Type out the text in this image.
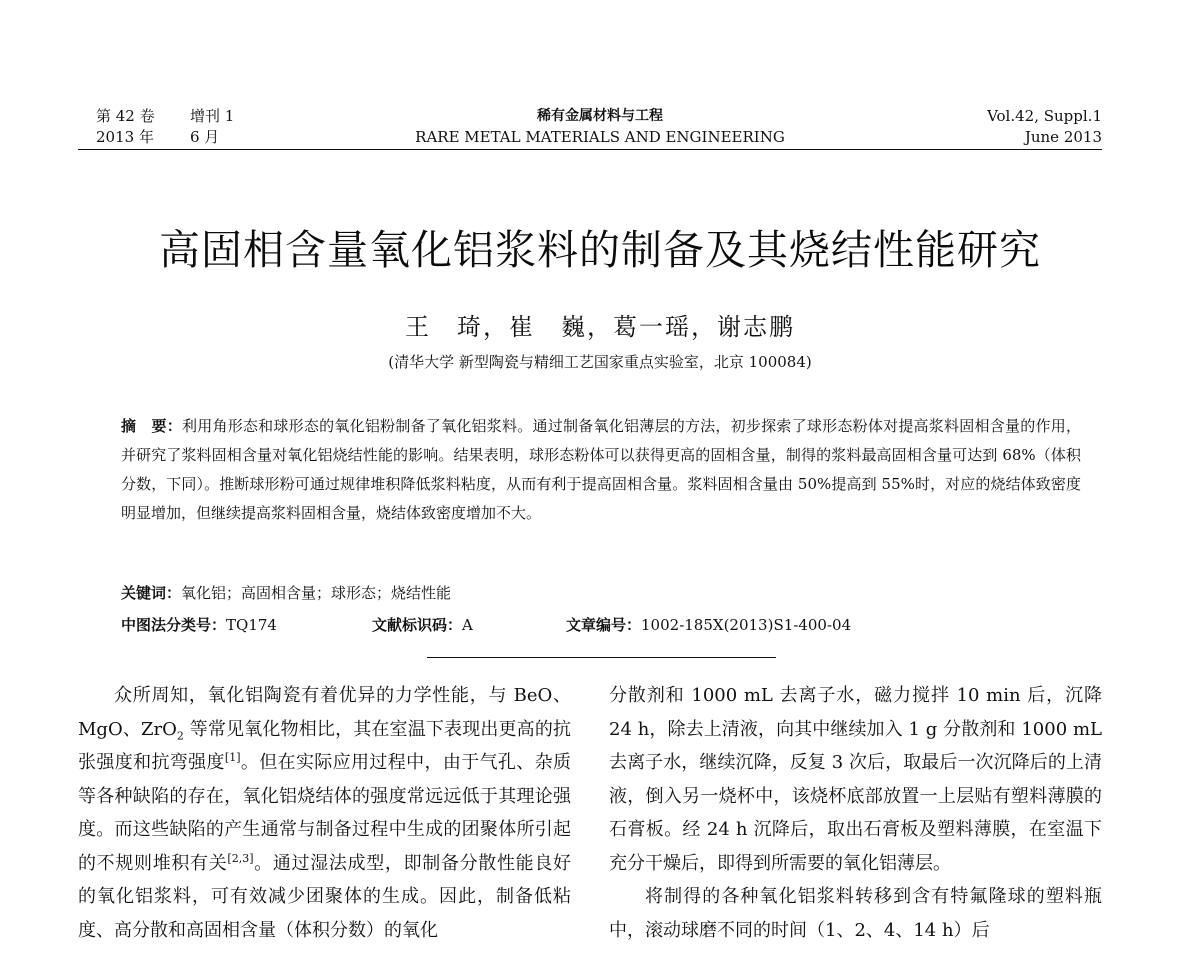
第 42 卷 增刊 1
2013 年 6 月
稀有金属材料与工程
RARE METAL MATERIALS AND ENGINEERING
Vol.42, Suppl.1
June 2013
高固相含量氧化铝浆料的制备及其烧结性能研究
王　琦，崔　巍，葛一瑶，谢志鹏
(清华大学 新型陶瓷与精细工艺国家重点实验室，北京 100084)
摘　要：利用角形态和球形态的氧化铝粉制备了氧化铝浆料。通过制备氧化铝薄层的方法，初步探索了球形态粉体对提高浆料固相含量的作用，并研究了浆料固相含量对氧化铝烧结性能的影响。结果表明，球形态粉体可以获得更高的固相含量，制得的浆料最高固相含量可达到 68%（体积分数，下同）。推断球形粉可通过规律堆积降低浆料粘度，从而有利于提高固相含量。浆料固相含量由 50%提高到 55%时，对应的烧结体致密度明显增加，但继续提高浆料固相含量，烧结体致密度增加不大。
关键词：氧化铝；高固相含量；球形态；烧结性能
中图法分类号：TQ174	文献标识码：A	文章编号：1002-185X(2013)S1-400-04

众所周知，氧化铝陶瓷有着优异的力学性能，与 BeO、MgO、ZrO$_2$ 等常见氧化物相比，其在室温下表现出更高的抗张强度和抗弯强度[1]。但在实际应用过程中，由于气孔、杂质等各种缺陷的存在，氧化铝烧结体的强度常远远低于其理论强度。而这些缺陷的产生通常与制备过程中生成的团聚体所引起的不规则堆积有关[2,3]。通过湿法成型，即制备分散性能良好的氧化铝浆料，可有效减少团聚体的生成。因此，制备低粘度、高分散和高固相含量（体积分数）的氧化

分散剂和 1000 mL 去离子水，磁力搅拌 10 min 后，沉降 24 h，除去上清液，向其中继续加入 1 g 分散剂和 1000 mL 去离子水，继续沉降，反复 3 次后，取最后一次沉降后的上清液，倒入另一烧杯中，该烧杯底部放置一上层贴有塑料薄膜的石膏板。经 24 h 沉降后，取出石膏板及塑料薄膜，在室温下充分干燥后，即得到所需要的氧化铝薄层。

将制得的各种氧化铝浆料转移到含有特氟隆球的塑料瓶中，滚动球磨不同的时间（1、2、4、14 h）后
